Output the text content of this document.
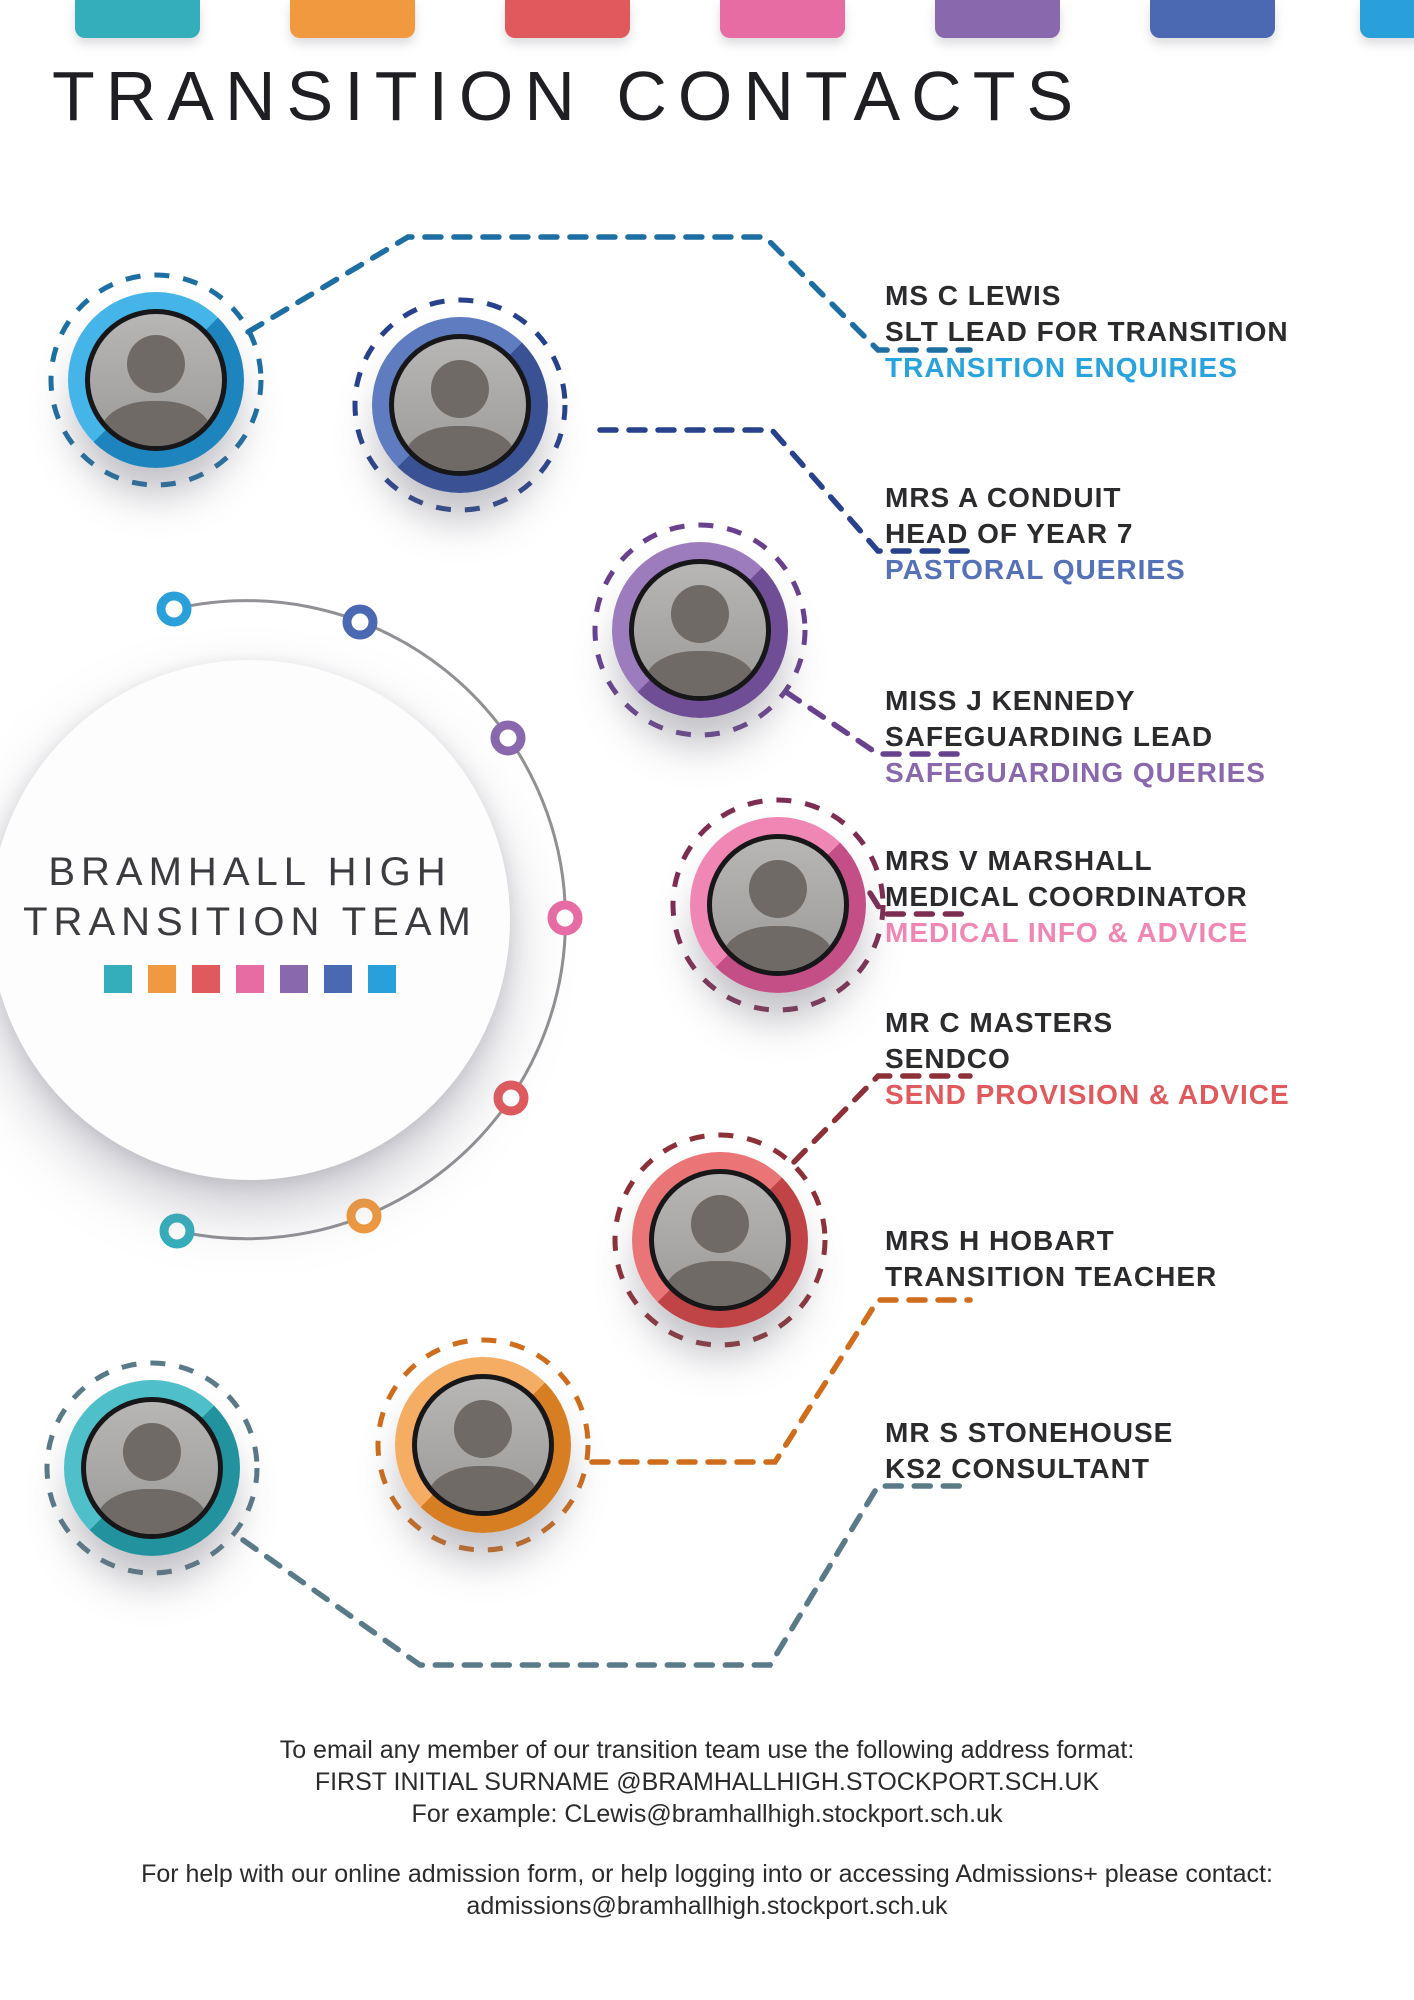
TRANSITION CONTACTS
BRAMHALL HIGH
TRANSITION TEAM
MS C LEWIS
SLT LEAD FOR TRANSITION
TRANSITION ENQUIRIES
MRS A CONDUIT
HEAD OF YEAR 7
PASTORAL QUERIES
MISS J KENNEDY
SAFEGUARDING LEAD
SAFEGUARDING QUERIES
MRS V MARSHALL
MEDICAL COORDINATOR
MEDICAL INFO & ADVICE
MR C MASTERS
SENDCO
SEND PROVISION & ADVICE
MRS H HOBART
TRANSITION TEACHER
MR S STONEHOUSE
KS2 CONSULTANT
To email any member of our transition team use the following address format:
FIRST INITIAL SURNAME @BRAMHALLHIGH.STOCKPORT.SCH.UK
For example: CLewis@bramhallhigh.stockport.sch.uk
For help with our online admission form, or help logging into or accessing Admissions+ please contact:
admissions@bramhallhigh.stockport.sch.uk
